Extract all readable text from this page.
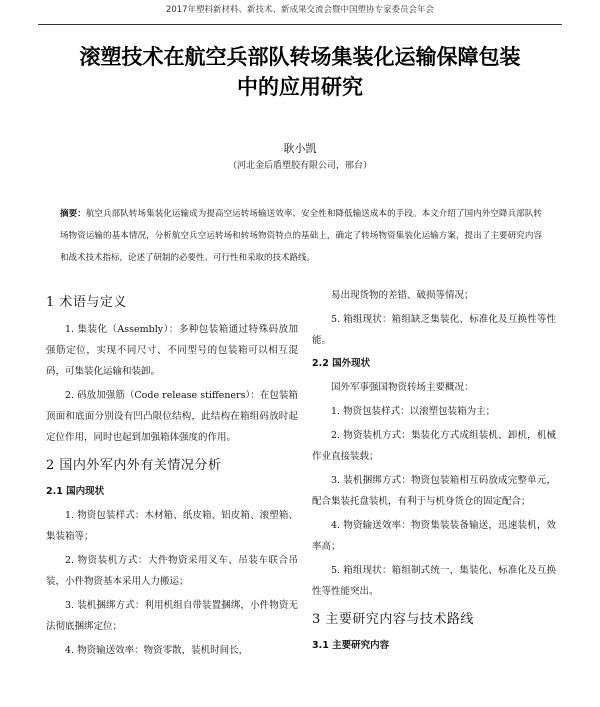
2017年塑料新材料、新技术、新成果交流会暨中国塑协专家委员会年会
滚塑技术在航空兵部队转场集装化运输保障包装
中的应用研究
耿小凯
（河北金后盾塑胶有限公司，邢台）
摘要：航空兵部队转场集装化运输成为提高空运转场输送效率、安全性和降低输送成本的手段。本文介绍了国内外空降兵部队转场物资运输的基本情况，分析航空兵空运转场和转场物资特点的基础上，确定了转场物资集装化运输方案，提出了主要研究内容和战术技术指标，论述了研制的必要性、可行性和采取的技术路线。
1 术语与定义

1. 集装化（Assembly）：多种包装箱通过特殊码放加强筋定位，实现不同尺寸、不同型号的包装箱可以相互混码，可集装化运输和装卸。

2. 码放加强筋（Code release stiffeners）：在包装箱顶面和底面分别设有凹凸限位结构，此结构在箱组码放时起定位作用，同时也起到加强箱体强度的作用。

2 国内外军内外有关情况分析
2.1 国内现状

1. 物资包装样式：木材箱、纸皮箱、铝皮箱、滚塑箱、集装箱等；

2. 物资装机方式：大件物资采用叉车、吊装车联合吊装，小件物资基本采用人力搬运；

3. 装机捆绑方式：利用机组自带装置捆绑，小件物资无法彻底捆绑定位；

4. 物资输送效率：物资零散，装机时间长，

易出现货物的差错、破损等情况；

5. 箱组现状：箱组缺乏集装化、标准化及互换性等性能。

2.2 国外现状

国外军事强国物资转场主要概况：

1. 物资包装样式：以滚塑包装箱为主；

2. 物资装机方式：集装化方式成组装机、卸机，机械作业直接装载；

3. 装机捆绑方式：物资包装箱相互码放成完整单元，配合集装托盘装机，有利于与机身货仓的固定配合；

4. 物资输送效率：物资集装装备输送，迅速装机，效率高；

5. 箱组现状：箱组制式统一，集装化、标准化及互换性等性能突出。

3 主要研究内容与技术路线
3.1 主要研究内容
